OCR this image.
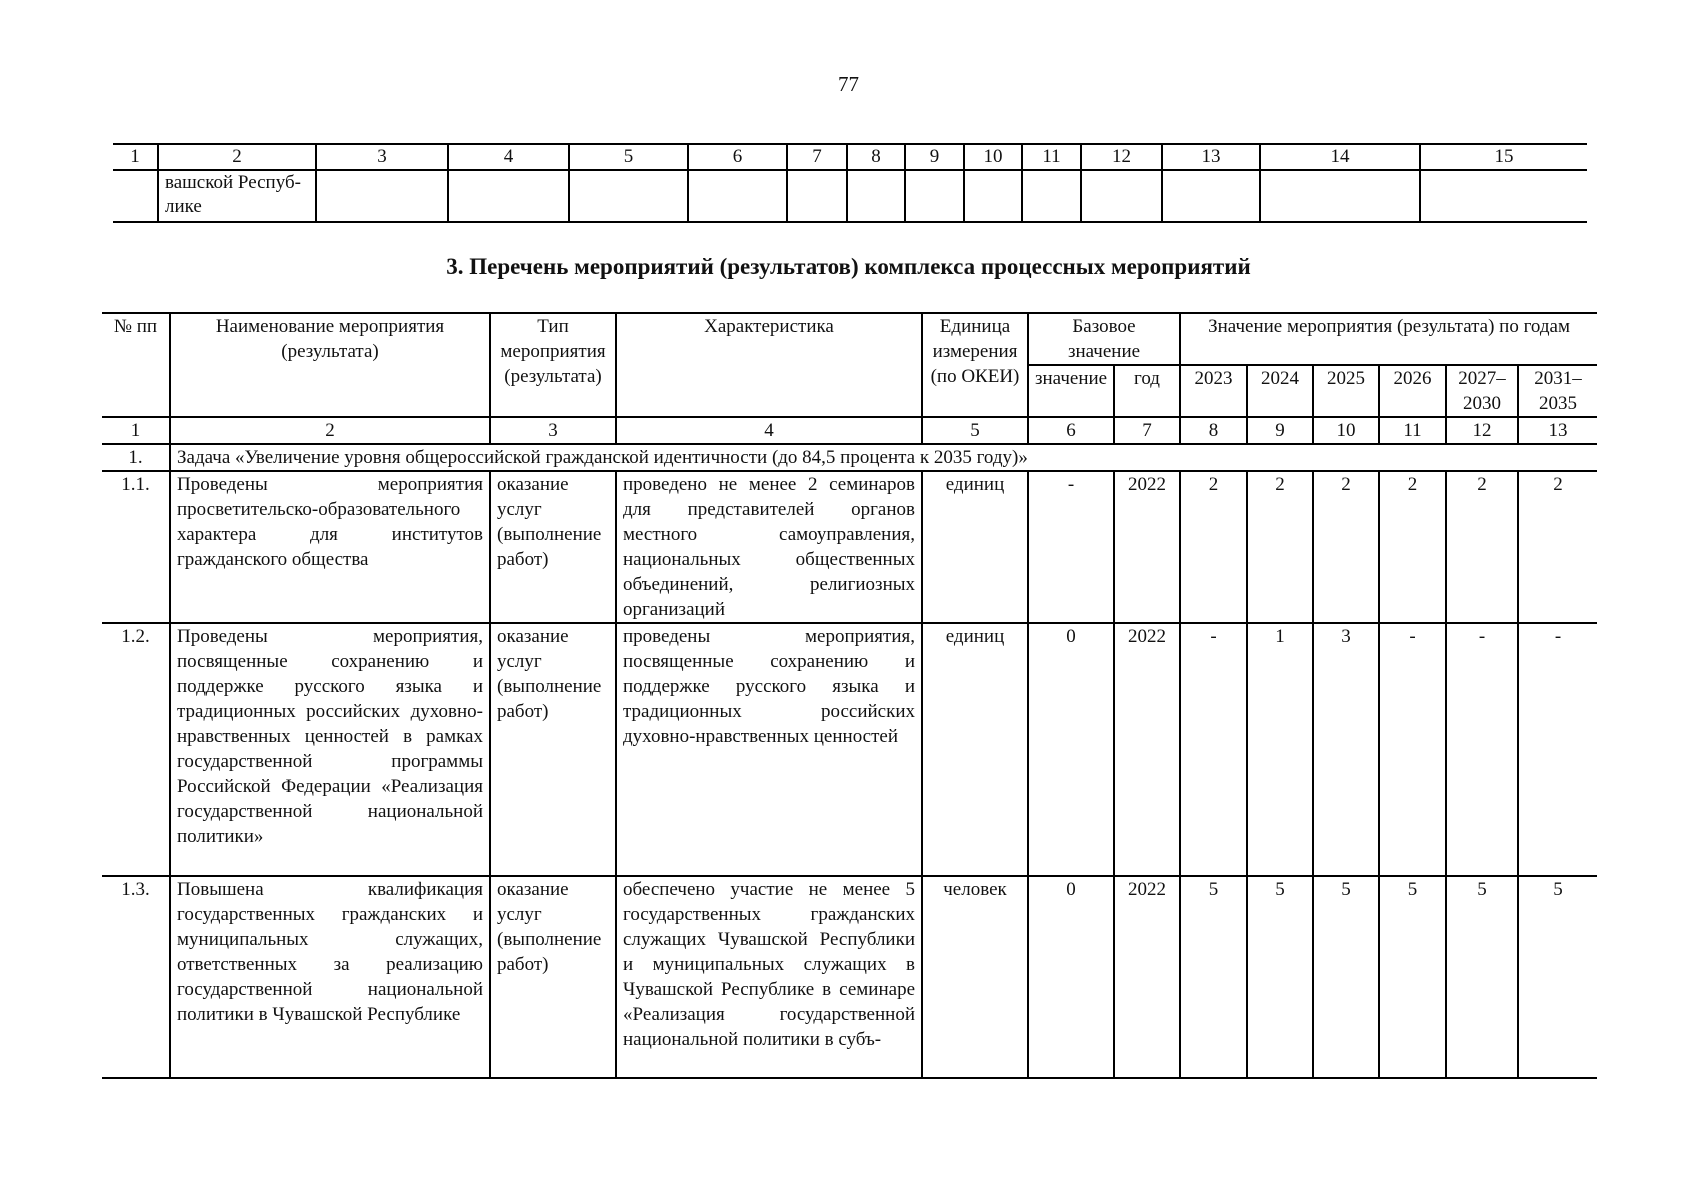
77
1	2	3	4	5	6	7	8	9	10	11	12	13	14	15
	вашской Респуб-
лике													
3. Перечень мероприятий (результатов) комплекса процессных мероприятий
№ пп	Наименование мероприятия (результата)	Тип мероприятия (результата)	Характеристика	Единица измерения (по ОКЕИ)	Базовое значение		Значение мероприятия (результата) по годам					
					значение	год	2023	2024	2025	2026	2027–2030	2031–2035
1	2	3	4	5	6	7	8	9	10	11	12	13
1.	Задача «Увеличение уровня общероссийской гражданской идентичности (до 84,5 процента к 2035 году)»											
1.1.	Проведены мероприятия просветительско-образовательного характера для институтов гражданского общества	оказание услуг (выполнение работ)	проведено не менее 2 семинаров для представителей органов местного самоуправления, национальных общественных объединений, религиозных организаций	единиц	-	2022	2	2	2	2	2	2
1.2.	Проведены мероприятия, посвященные сохранению и поддержке русского языка и традиционных российских духовно-нравственных ценностей в рамках государственной программы Российской Федерации «Реализация государственной национальной политики»	оказание услуг (выполнение работ)	проведены мероприятия, посвященные сохранению и поддержке русского языка и традиционных российских духовно-нравственных ценностей	единиц	0	2022	-	1	3	-	-	-
1.3.	Повышена квалификация государственных гражданских и муниципальных служащих, ответственных за реализацию государственной национальной политики в Чувашской Республике	оказание услуг (выполнение работ)	обеспечено участие не менее 5 государственных гражданских служащих Чувашской Республики и муниципальных служащих в Чувашской Республике в семинаре «Реализация государственной национальной политики в субъ-	человек	0	2022	5	5	5	5	5	5
